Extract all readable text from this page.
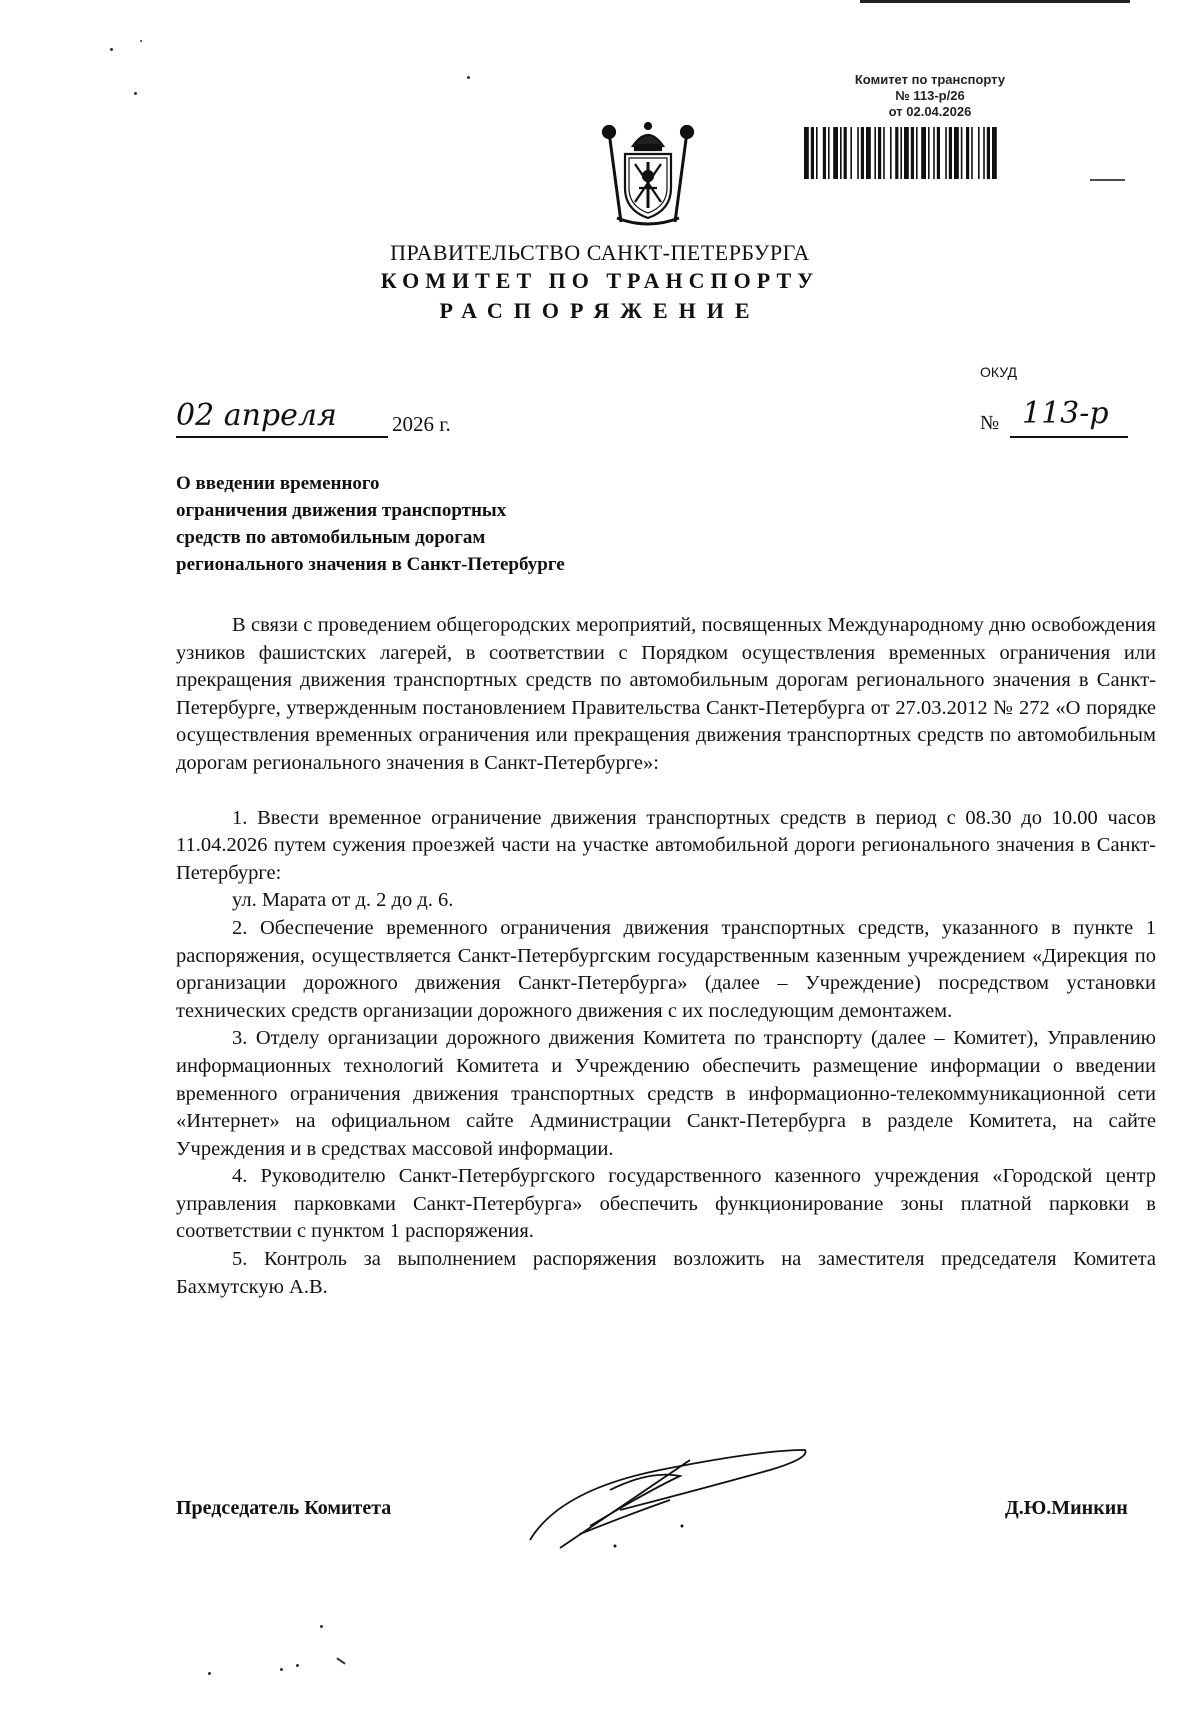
Комитет по транспорту
№ 113-р/26
от 02.04.2026
ПРАВИТЕЛЬСТВО САНКТ-ПЕТЕРБУРГА
КОМИТЕТ ПО ТРАНСПОРТУ
РАСПОРЯЖЕНИЕ
ОКУД
02 апреля	2026 г.	№ 113-р
О введении временного
ограничения движения транспортных
средств по автомобильным дорогам
регионального значения в Санкт-Петербурге

В связи с проведением общегородских мероприятий, посвященных Международному дню освобождения узников фашистских лагерей, в соответствии с Порядком осуществления временных ограничения или прекращения движения транспортных средств по автомобильным дорогам регионального значения в Санкт-Петербурге, утвержденным постановлением Правительства Санкт-Петербурга от 27.03.2012 № 272 «О порядке осуществления временных ограничения или прекращения движения транспортных средств по автомобильным дорогам регионального значения в Санкт-Петербурге»:

1. Ввести временное ограничение движения транспортных средств в период с 08.30 до 10.00 часов 11.04.2026 путем сужения проезжей части на участке автомобильной дороги регионального значения в Санкт-Петербурге:

ул. Марата от д. 2 до д. 6.

2. Обеспечение временного ограничения движения транспортных средств, указанного в пункте 1 распоряжения, осуществляется Санкт-Петербургским государственным казенным учреждением «Дирекция по организации дорожного движения Санкт-Петербурга» (далее – Учреждение) посредством установки технических средств организации дорожного движения с их последующим демонтажем.

3. Отделу организации дорожного движения Комитета по транспорту (далее – Комитет), Управлению информационных технологий Комитета и Учреждению обеспечить размещение информации о введении временного ограничения движения транспортных средств в информационно-телекоммуникационной сети «Интернет» на официальном сайте Администрации Санкт-Петербурга в разделе Комитета, на сайте Учреждения и в средствах массовой информации.

4. Руководителю Санкт-Петербургского государственного казенного учреждения «Городской центр управления парковками Санкт-Петербурга» обеспечить функционирование зоны платной парковки в соответствии с пунктом 1 распоряжения.

5. Контроль за выполнением распоряжения возложить на заместителя председателя Комитета Бахмутскую А.В.

Председатель Комитета	Д.Ю.Минкин
